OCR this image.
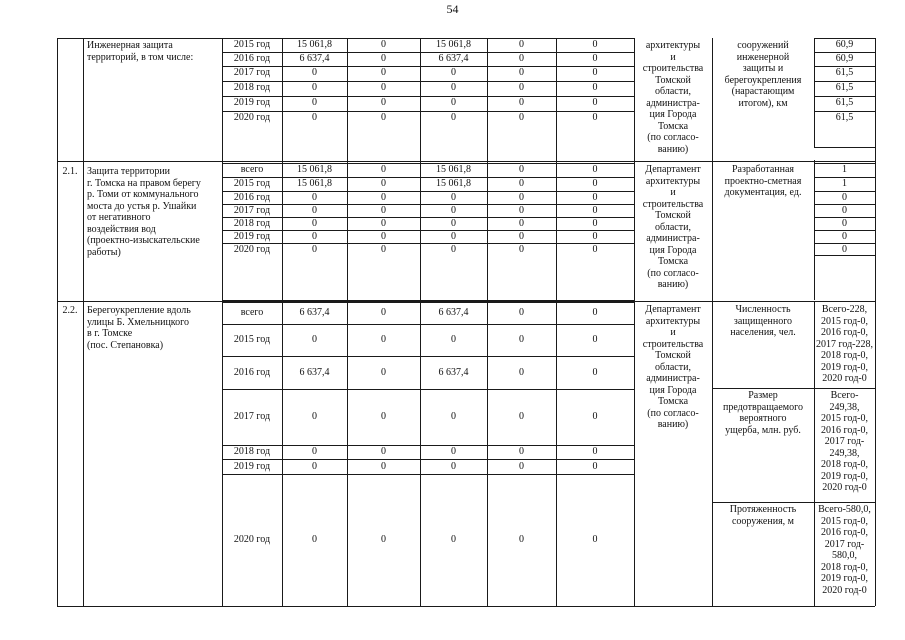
54
Инженерная защита
территорий, в том числе:
2015 год	15 061,8	0	15 061,8	0	0	60,9
2016 год	6 637,4	0	6 637,4	0	0	60,9
2017 год	0	0	0	0	0	61,5
2018 год	0	0	0	0	0	61,5
2019 год	0	0	0	0	0	61,5
2020 год	0	0	0	0	0	61,5
архитектуры
и
строительства
Томской
области,
администра-
ция Города
Томска
(по согласо-
ванию)
сооружений
инженерной
защиты и
берегоукрепления
(нарастающим
итогом), км
2.1. Защита территории
г. Томска на правом берегу
р. Томи от коммунального
моста до устья р. Ушайки
от негативного
воздействия вод
(проектно-изыскательские
работы)
всего	15 061,8	0	15 061,8	0	0	1
2015 год	15 061,8	0	15 061,8	0	0	1
2016 год	0	0	0	0	0	0
2017 год	0	0	0	0	0	0
2018 год	0	0	0	0	0	0
2019 год	0	0	0	0	0	0
2020 год	0	0	0	0	0	0
Департамент
архитектуры
и
строительства
Томской
области,
администра-
ция Города
Томска
(по согласо-
ванию)
Разработанная
проектно-сметная
документация, ед.
2.2. Берегоукрепление вдоль
улицы Б. Хмельницкого
в г. Томске
(пос. Степановка)
всего	6 637,4	0	6 637,4	0	0
2015 год	0	0	0	0	0
2016 год	6 637,4	0	6 637,4	0	0
2017 год	0	0	0	0	0
2018 год	0	0	0	0	0
2019 год	0	0	0	0	0
2020 год	0	0	0	0	0
Департамент
архитектуры
и
строительства
Томской
области,
администра-
ция Города
Томска
(по согласо-
ванию)
Численность
защищенного
населения, чел.
Всего-228,
2015 год-0,
2016 год-0,
2017 год-228,
2018 год-0,
2019 год-0,
2020 год-0
Размер
предотвращаемого
вероятного
ущерба, млн. руб.
Всего-
249,38,
2015 год-0,
2016 год-0,
2017 год-
249,38,
2018 год-0,
2019 год-0,
2020 год-0
Протяженность
сооружения, м
Всего-580,0,
2015 год-0,
2016 год-0,
2017 год-
580,0,
2018 год-0,
2019 год-0,
2020 год-0
